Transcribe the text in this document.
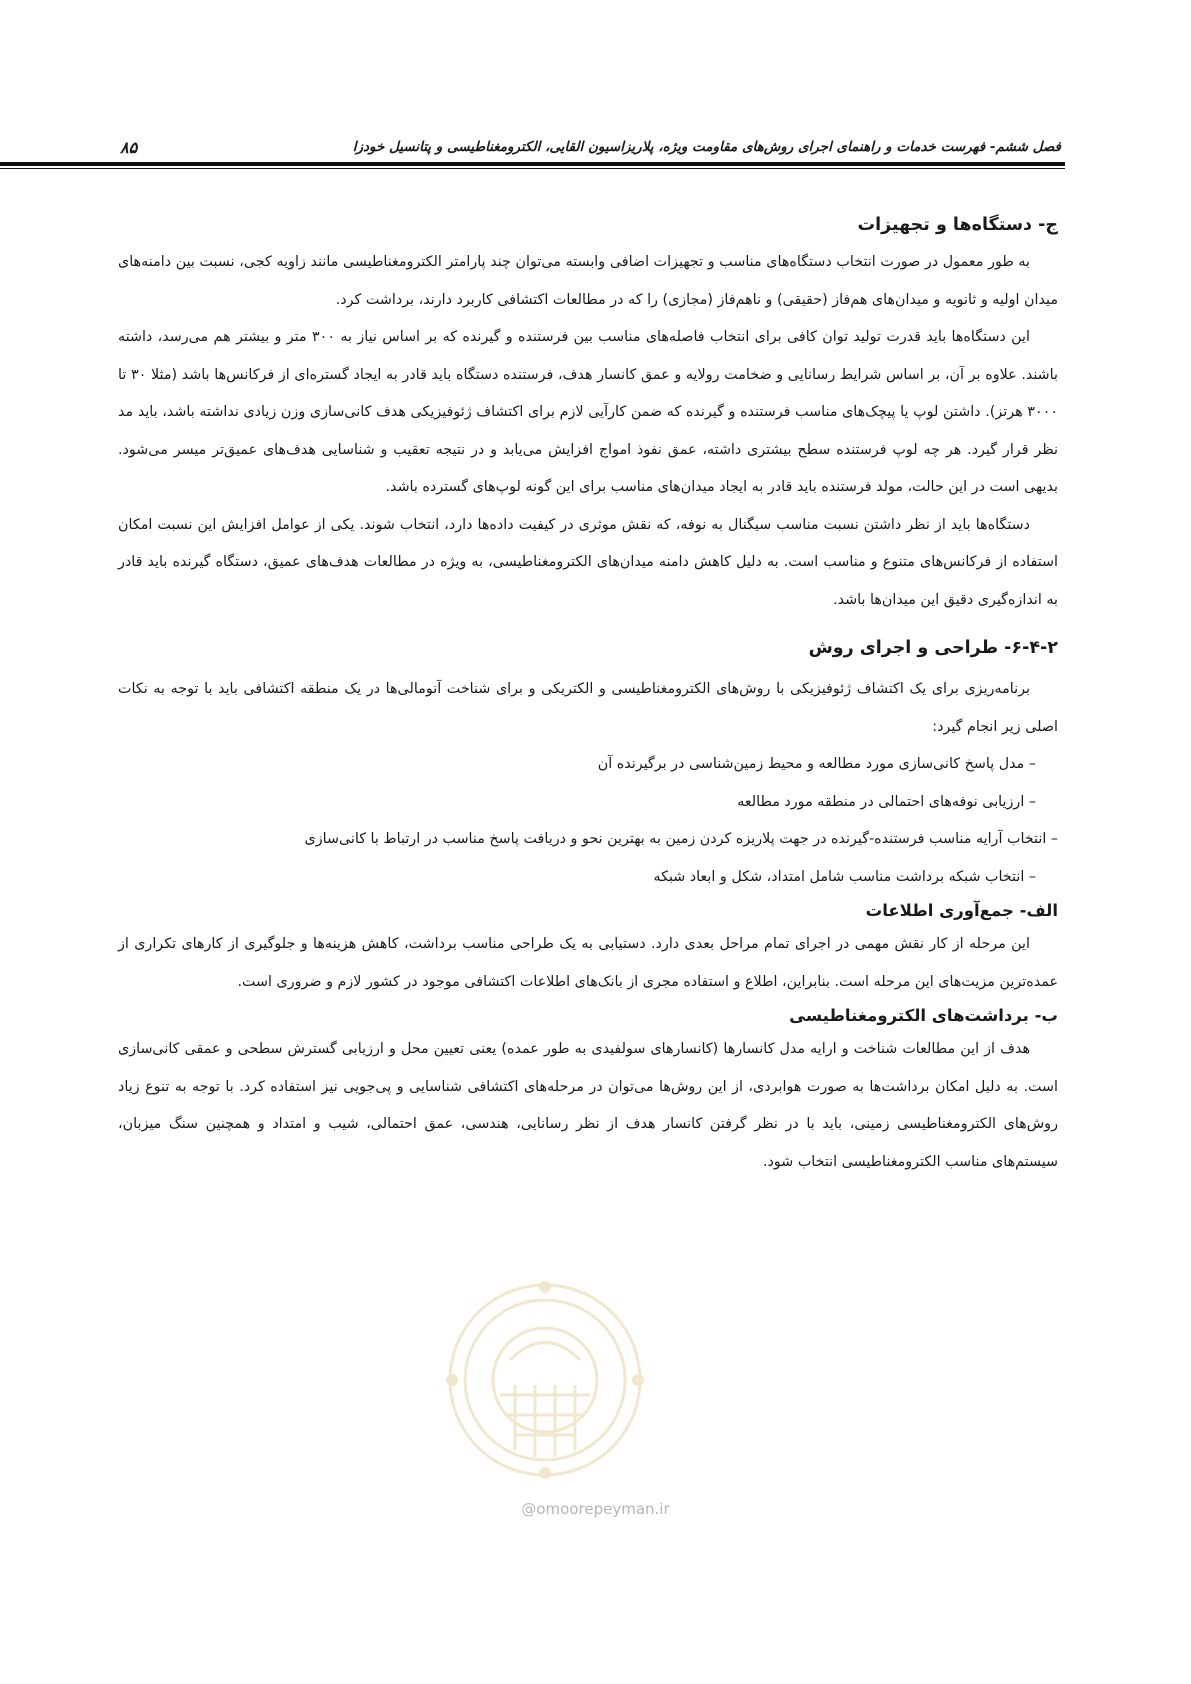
فصل ششم- فهرست خدمات و راهنمای اجرای روش‌های مقاومت ویژه، پلاریزاسیون القایی، الکترومغناطیسی و پتانسیل خودزا
۸۵
@omoorepeyman.ir
ج- دستگاه‌ها و تجهیزات

به طور معمول در صورت انتخاب دستگاه‌های مناسب و تجهیزات اضافی وابسته می‌توان چند پارامتر الکترومغناطیسی مانند زاویه کجی، نسبت بین دامنه‌های میدان اولیه و ثانویه و میدان‌های هم‌فاز (حقیقی) و ناهم‌فاز (مجازی) را که در مطالعات اکتشافی کاربرد دارند، برداشت کرد.

این دستگاه‌ها باید قدرت تولید توان کافی برای انتخاب فاصله‌های مناسب بین فرستنده و گیرنده که بر اساس نیاز به ۳۰۰ متر و بیشتر هم می‌رسد، داشته باشند. علاوه بر آن، بر اساس شرایط رسانایی و ضخامت رولایه و عمق کانسار هدف، فرستنده دستگاه باید قادر به ایجاد گستره‌ای از فرکانس‌ها باشد (مثلا ۳۰ تا ۳۰۰۰ هرتز). داشتن لوپ یا پیچک‌های مناسب فرستنده و گیرنده که ضمن کارآیی لازم برای اکتشاف ژئوفیزیکی هدف کانی‌سازی وزن زیادی نداشته باشد، باید مد نظر قرار گیرد. هر چه لوپ فرستنده سطح بیشتری داشته، عمق نفوذ امواج افزایش می‌یابد و در نتیجه تعقیب و شناسایی هدف‌های عمیق‌تر میسر می‌شود. بدیهی است در این حالت، مولد فرستنده باید قادر به ایجاد میدان‌های مناسب برای این گونه لوپ‌های گسترده باشد.

دستگاه‌ها باید از نظر داشتن نسبت مناسب سیگنال به نوفه، که نقش موثری در کیفیت داده‌ها دارد، انتخاب شوند. یکی از عوامل افزایش این نسبت امکان استفاده از فرکانس‌های متنوع و مناسب است. به دلیل کاهش دامنه میدان‌های الکترومغناطیسی، به ویژه در مطالعات هدف‌های عمیق، دستگاه گیرنده باید قادر به اندازه‌گیری دقیق این میدان‌ها باشد.

۶-۴-۲- طراحی و اجرای روش

برنامه‌ریزی برای یک اکتشاف ژئوفیزیکی با روش‌های الکترومغناطیسی و الکتریکی و برای شناخت آنومالی‌ها در یک منطقه اکتشافی باید با توجه به نکات اصلی زیر انجام گیرد:

– مدل پاسخ کانی‌سازی مورد مطالعه و محیط زمین‌شناسی در برگیرنده آن
– ارزیابی نوفه‌های احتمالی در منطقه مورد مطالعه
– انتخاب آرایه مناسب فرستنده-گیرنده در جهت پلاریزه کردن زمین به بهترین نحو و دریافت پاسخ مناسب در ارتباط با کانی‌سازی
– انتخاب شبکه برداشت مناسب شامل امتداد، شکل و ابعاد شبکه
الف- جمع‌آوری اطلاعات

این مرحله از کار نقش مهمی در اجرای تمام مراحل بعدی دارد. دستیابی به یک طراحی مناسب برداشت، کاهش هزینه‌ها و جلوگیری از کارهای تکراری از عمده‌ترین مزیت‌های این مرحله است. بنابراین، اطلاع و استفاده مجری از بانک‌های اطلاعات اکتشافی موجود در کشور لازم و ضروری است.

ب- برداشت‌های الکترومغناطیسی

هدف از این مطالعات شناخت و ارایه مدل کانسارها (کانسارهای سولفیدی به طور عمده) یعنی تعیین محل و ارزیابی گسترش سطحی و عمقی کانی‌سازی است. به دلیل امکان برداشت‌ها به صورت هوابردی، از این روش‌ها می‌توان در مرحله‌های اکتشافی شناسایی و پی‌جویی نیز استفاده کرد. با توجه به تنوع زیاد روش‌های الکترومغناطیسی زمینی، باید با در نظر گرفتن کانسار هدف از نظر رسانایی، هندسی، عمق احتمالی، شیب و امتداد و همچنین سنگ میزبان، سیستم‌های مناسب الکترومغناطیسی انتخاب شود.
